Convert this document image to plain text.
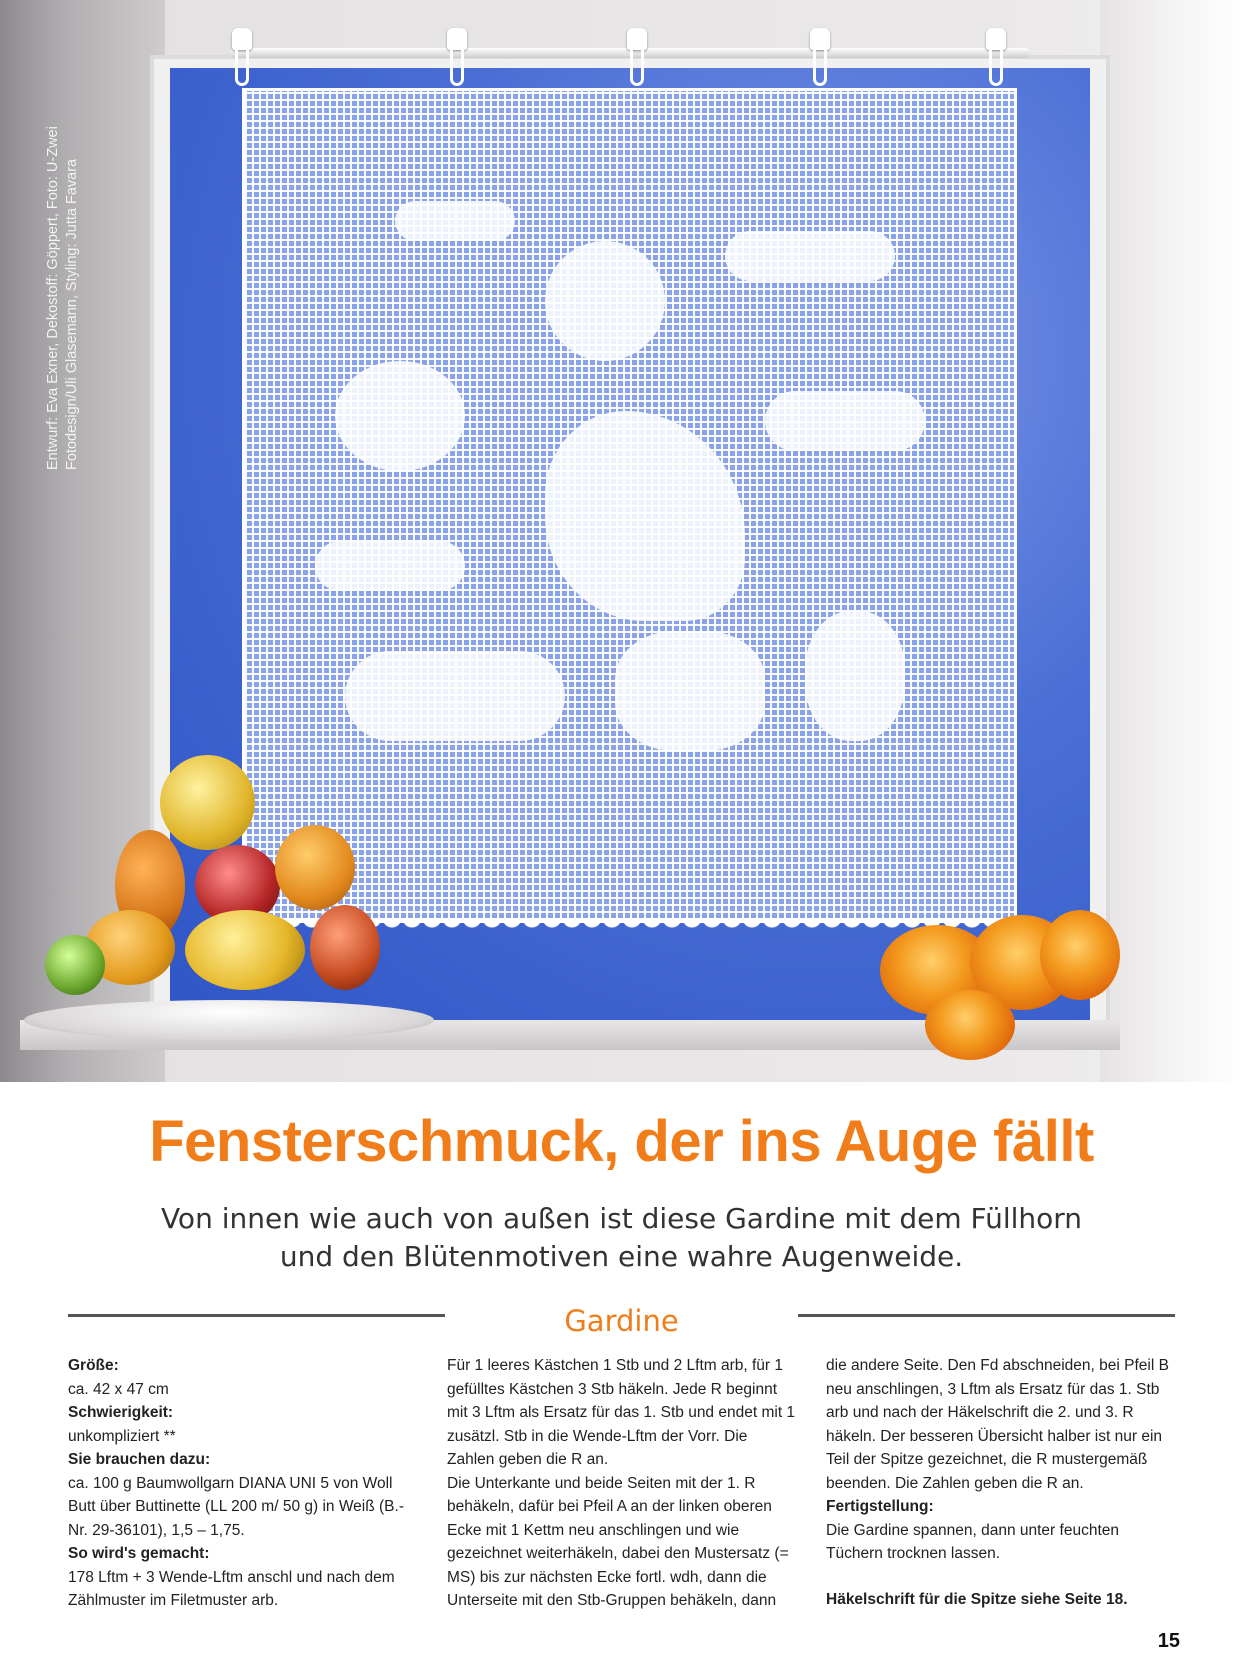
Entwurf: Eva Exner, Dekostoff: Göppert, Foto: U-Zwei Fotodesign/Uli Glasemann, Styling: Jutta Favara
Fensterschmuck, der ins Auge fällt
Von innen wie auch von außen ist diese Gardine mit dem Füllhorn
und den Blütenmotiven eine wahre Augenweide.
Gardine

Größe:

ca. 42 x 47 cm

Schwierigkeit:

unkompliziert **

Sie brauchen dazu:

ca. 100 g Baumwollgarn DIANA UNI 5 von Woll Butt über Buttinette (LL 200 m/ 50 g) in Weiß (B.-Nr. 29-36101), 1,5 – 1,75.

So wird's gemacht:

178 Lftm + 3 Wende-Lftm anschl und nach dem Zählmuster im Filetmuster arb.

Für 1 leeres Kästchen 1 Stb und 2 Lftm arb, für 1 gefülltes Kästchen 3 Stb häkeln. Jede R beginnt mit 3 Lftm als Ersatz für das 1. Stb und endet mit 1 zusätzl. Stb in die Wende-Lftm der Vorr. Die Zahlen geben die R an.

Die Unterkante und beide Seiten mit der 1. R behäkeln, dafür bei Pfeil A an der linken oberen Ecke mit 1 Kettm neu anschlingen und wie gezeichnet weiterhäkeln, dabei den Mustersatz (= MS) bis zur nächsten Ecke fortl. wdh, dann die Unterseite mit den Stb-Gruppen behäkeln, dann

die andere Seite. Den Fd abschneiden, bei Pfeil B neu anschlingen, 3 Lftm als Ersatz für das 1. Stb arb und nach der Häkelschrift die 2. und 3. R häkeln. Der besseren Übersicht halber ist nur ein Teil der Spitze gezeichnet, die R mustergemäß beenden. Die Zahlen geben die R an.

Fertigstellung:

Die Gardine spannen, dann unter feuchten Tüchern trocknen lassen.

Häkelschrift für die Spitze siehe Seite 18.

15
